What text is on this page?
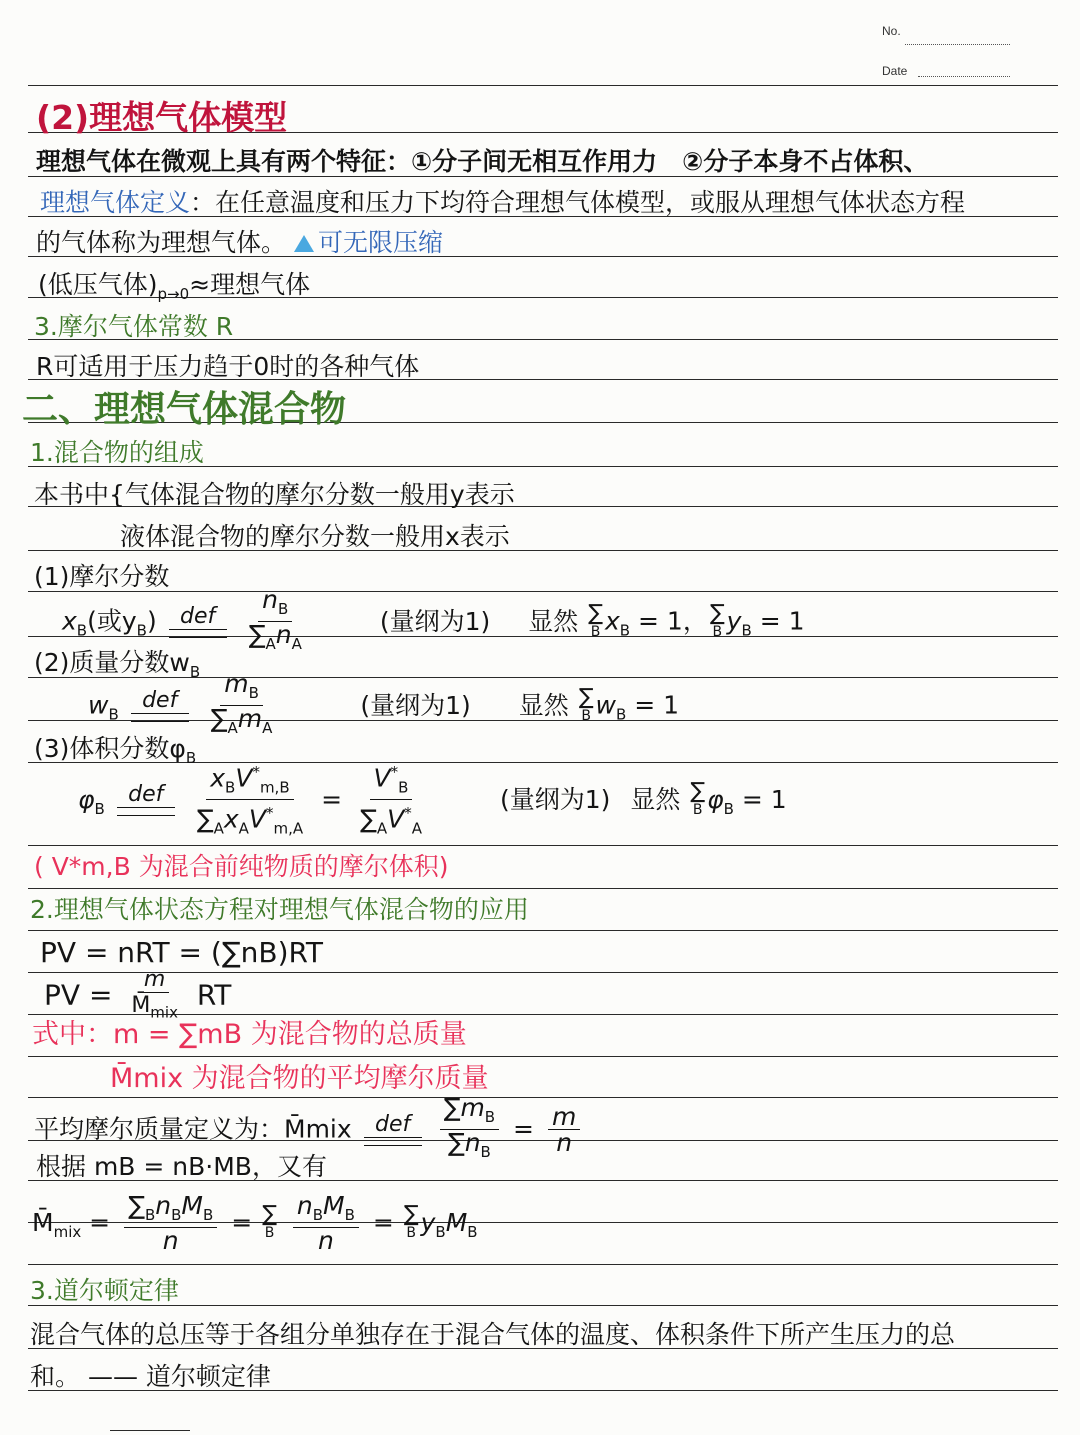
No.
Date
(2)理想气体模型
理想气体在微观上具有两个特征：①分子间无相互作用力　②分子本身不占体积、
理想气体定义：在任意温度和压力下均符合理想气体模型，或服从理想气体状态方程
的气体称为理想气体。 可无限压缩
(低压气体)$_{p\to 0}\approx$理想气体
3.摩尔气体常数 R
R可适用于压力趋于0时的各种气体
二、理想气体混合物
1.混合物的组成
本书中{气体混合物的摩尔分数一般用y表示
液体混合物的摩尔分数一般用x表示
(1)摩尔分数
$x_B$(或$y_B$) def
$\frac{n_B}{\sum_An_A}$	(量纲为1) 显然 ∑
B $x_B = 1$， ∑
B $y_B = 1$
(2)质量分数$w_B$
$w_B$
def
$\frac{m_B}{\sum_Am_A}$	(量纲为1) 显然 ∑
B $w_B = 1$
(3)体积分数$\varphi_B$
$\varphi_B$
def
$\frac{x_BV^*_{m,B}}{\sum_Ax_AV^*_{m,A}} = \frac{V^*_B}{\sum_AV^*_A}$	(量纲为1) 显然 ∑
B $\varphi_B = 1$
( V*m,B 为混合前纯物质的摩尔体积)
2.理想气体状态方程对理想气体混合物的应用
PV = nRT = (∑nB)RT
PV = $\frac{m}{M̄_{mix}}$ RT
式中：m = ∑mB 为混合物的总质量
M̄mix 为混合物的平均摩尔质量
平均摩尔质量定义为：M̄mix def
$\frac{\sum m_B}{\sum n_B} = \frac{m}{n}$
根据 mB = nB·MB，又有
$M̄_{mix} = \frac{\sum_Bn_BM_B}{n}$ = ∑
B
$\frac{n_BM_B}{n}$ = ∑
B $y_BM_B$
3.道尔顿定律
混合气体的总压等于各组分单独存在于混合气体的温度、体积条件下所产生压力的总
和。 —— 道尔顿定律
